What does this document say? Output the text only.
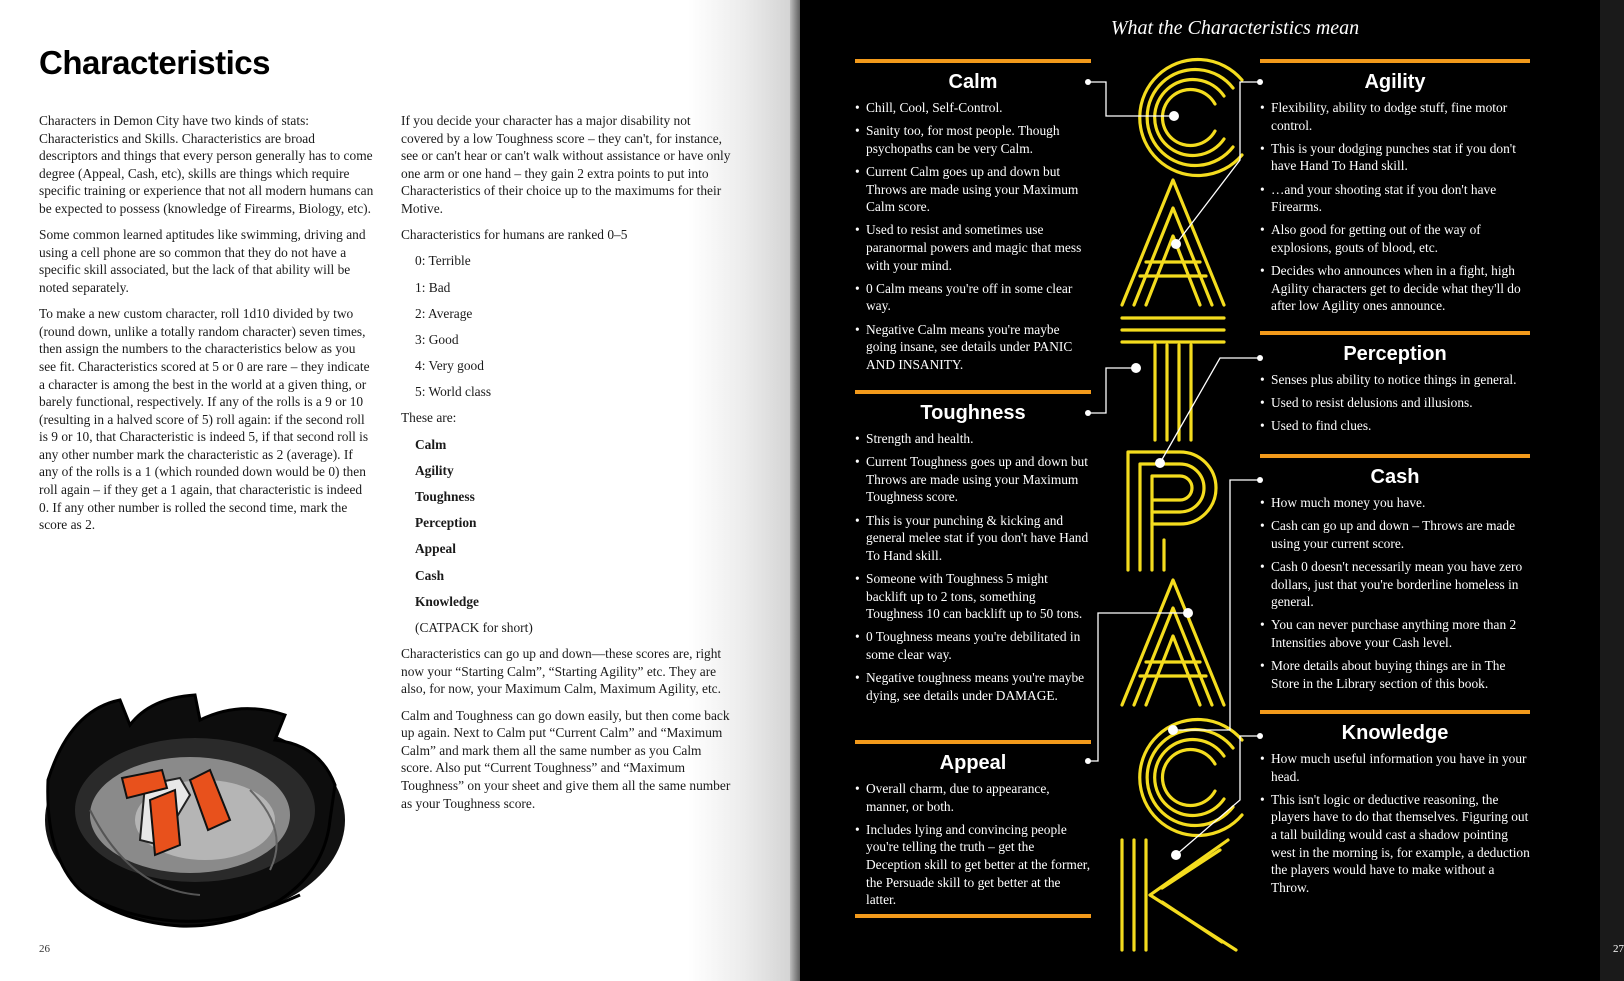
Characteristics

Characters in Demon City have two kinds of stats: Characteristics and Skills. Characteristics are broad descriptors and things that every person generally has to come degree (Appeal, Cash, etc), skills are things which require specific training or experience that not all modern humans can be expected to possess (knowledge of Firearms, Biology, etc).

Some common learned aptitudes like swimming, driving and using a cell phone are so common that they do not have a specific skill associated, but the lack of that ability will be noted separately.

To make a new custom character, roll 1d10 divided by two (round down, unlike a totally random character) seven times, then assign the numbers to the characteristics below as you see fit. Characteristics scored at 5 or 0 are rare – they indicate a character is among the best in the world at a given thing, or barely functional, respectively. If any of the rolls is a 9 or 10 (resulting in a halved score of 5) roll again: if the second roll is 9 or 10, that Characteristic is indeed 5, if that second roll is any other number mark the characteristic as 2 (average). If any of the rolls is a 1 (which rounded down would be 0) then roll again – if they get a 1 again, that characteristic is indeed 0. If any other number is rolled the second time, mark the score as 2.

If you decide your character has a major disability not covered by a low Toughness score – they can't, for instance, see or can't hear or can't walk without assistance or have only one arm or one hand – they gain 2 extra points to put into Characteristics of their choice up to the maximums for their Motive.

Characteristics for humans are ranked 0–5

0: Terrible
1: Bad
2: Average
3: Good
4: Very good
5: World class

These are:

Calm
Agility
Toughness
Perception
Appeal
Cash
Knowledge

(CATPACK for short)

Characteristics can go up and down—these scores are, right now your “Starting Calm”, “Starting Agility” etc. They are also, for now, your Maximum Calm, Maximum Agility, etc.

Calm and Toughness can go down easily, but then come back up again. Next to Calm put “Current Calm” and “Maximum Calm” and mark them all the same number as you Calm score. Also put “Current Toughness” and “Maximum Toughness” on your sheet and give them all the same number as your Toughness score.

26
What the Characteristics mean
Calm
• Chill, Cool, Self-Control.
• Sanity too, for most people. Though psychopaths can be very Calm.
• Current Calm goes up and down but Throws are made using your Maximum Calm score.
• Used to resist and sometimes use paranormal powers and magic that mess with your mind.
• 0 Calm means you're off in some clear way.
• Negative Calm means you're maybe going insane, see details under PANIC AND INSANITY.
Toughness
• Strength and health.
• Current Toughness goes up and down but Throws are made using your Maximum Toughness score.
• This is your punching & kicking and general melee stat if you don't have Hand To Hand skill.
• Someone with Toughness 5 might backlift up to 2 tons, something Toughness 10 can backlift up to 50 tons.
• 0 Toughness means you're debilitated in some clear way.
• Negative toughness means you're maybe dying, see details under DAMAGE.
Appeal
• Overall charm, due to appearance, manner, or both.
• Includes lying and convincing people you're telling the truth – get the Deception skill to get better at the former, the Persuade skill to get better at the latter.
Agility
• Flexibility, ability to dodge stuff, fine motor control.
• This is your dodging punches stat if you don't have Hand To Hand skill.
• …and your shooting stat if you don't have Firearms.
• Also good for getting out of the way of explosions, gouts of blood, etc.
• Decides who announces when in a fight, high Agility characters get to decide what they'll do after low Agility ones announce.
Perception
• Senses plus ability to notice things in general.
• Used to resist delusions and illusions.
• Used to find clues.
Cash
• How much money you have.
• Cash can go up and down – Throws are made using your current score.
• Cash 0 doesn't necessarily mean you have zero dollars, just that you're borderline homeless in general.
• You can never purchase anything more than 2 Intensities above your Cash level.
• More details about buying things are in The Store in the Library section of this book.
Knowledge
• How much useful information you have in your head.
• This isn't logic or deductive reasoning, the players have to do that themselves. Figuring out a tall building would cast a shadow pointing west in the morning is, for example, a deduction the players would have to make without a Throw.
27
